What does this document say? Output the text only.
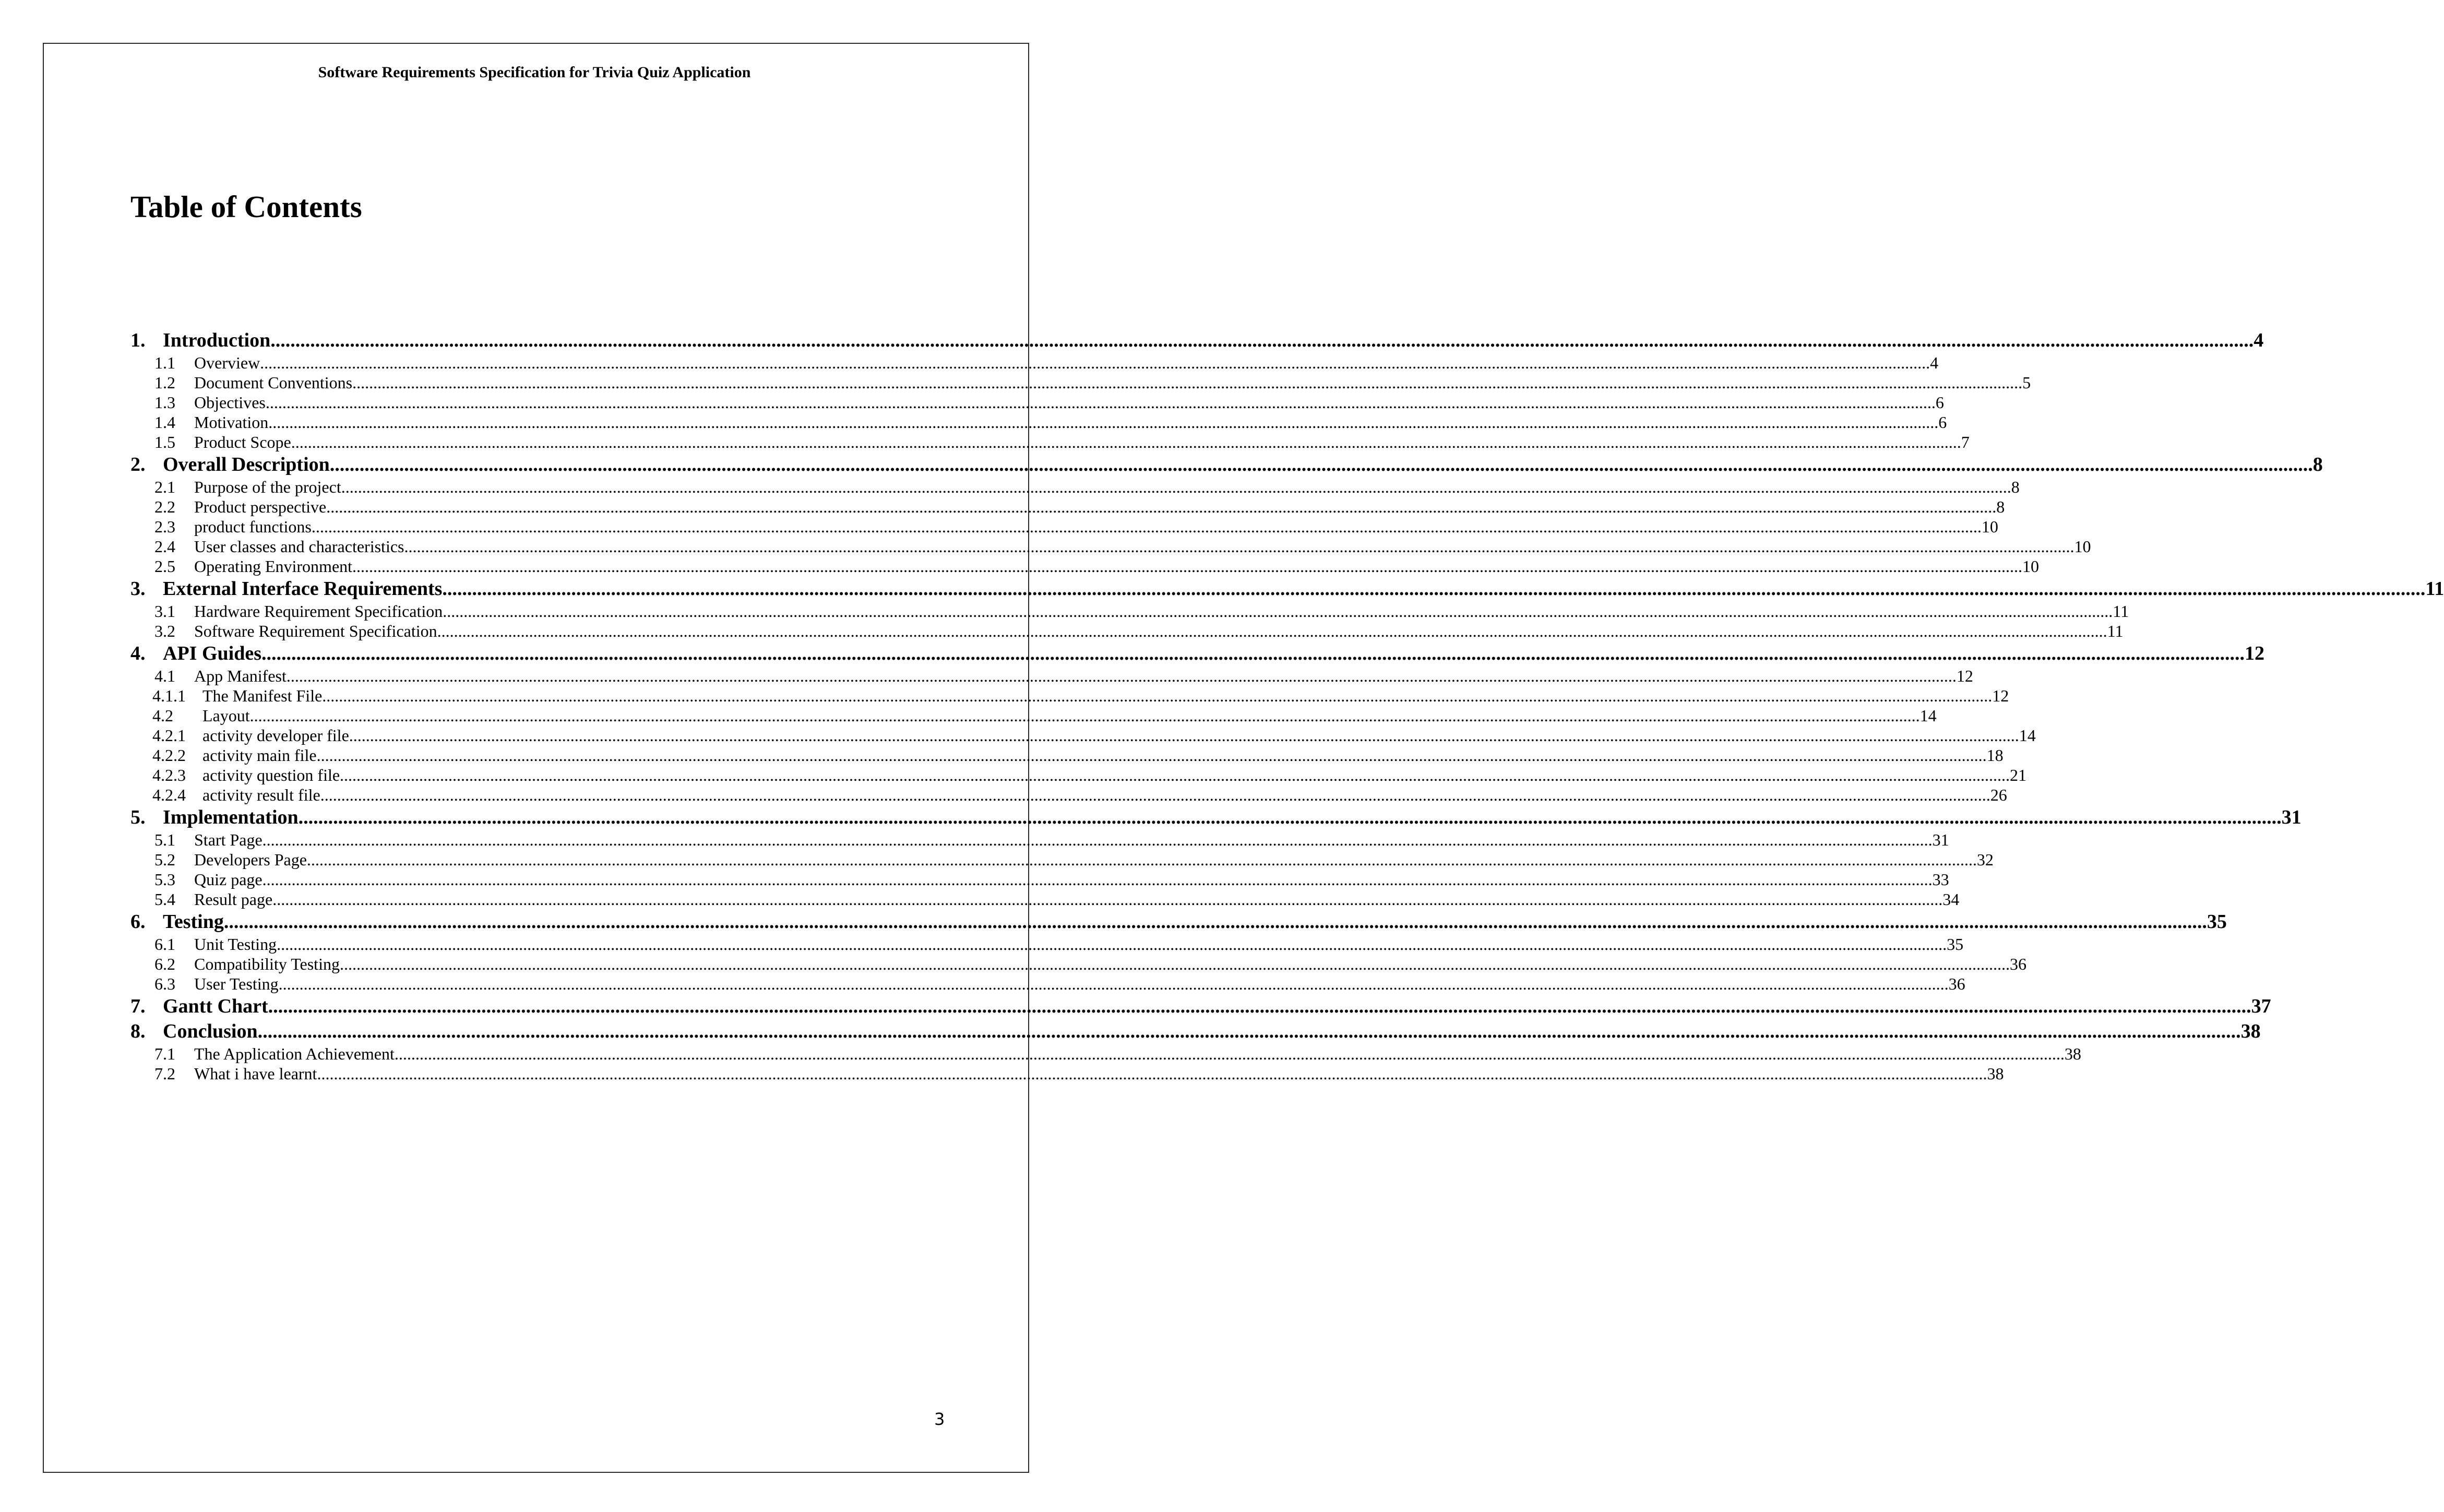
Software Requirements Specification for Trivia Quiz Application
Table of Contents
1. Introduction ................................................................................................................................................................................................................................................................................................................................................................................................................ 4
1.1	Overview ................................................................................................................................................................................................................................................................................................................................................................................................................ 4
1.2	Document Conventions ................................................................................................................................................................................................................................................................................................................................................................................................................ 5
1.3	Objectives ................................................................................................................................................................................................................................................................................................................................................................................................................ 6
1.4	Motivation ................................................................................................................................................................................................................................................................................................................................................................................................................ 6
1.5	Product Scope ................................................................................................................................................................................................................................................................................................................................................................................................................ 7
2. Overall Description ................................................................................................................................................................................................................................................................................................................................................................................................................ 8
2.1	Purpose of the project ................................................................................................................................................................................................................................................................................................................................................................................................................ 8
2.2	Product perspective ................................................................................................................................................................................................................................................................................................................................................................................................................ 8
2.3	product functions ................................................................................................................................................................................................................................................................................................................................................................................................................ 10
2.4	User classes and characteristics ................................................................................................................................................................................................................................................................................................................................................................................................................ 10
2.5	Operating Environment ................................................................................................................................................................................................................................................................................................................................................................................................................ 10
3. External Interface Requirements ................................................................................................................................................................................................................................................................................................................................................................................................................ 11
3.1	Hardware Requirement Specification ................................................................................................................................................................................................................................................................................................................................................................................................................ 11
3.2	Software Requirement Specification ................................................................................................................................................................................................................................................................................................................................................................................................................ 11
4. API Guides ................................................................................................................................................................................................................................................................................................................................................................................................................ 12
4.1	App Manifest ................................................................................................................................................................................................................................................................................................................................................................................................................ 12
4.1.1	The Manifest File ................................................................................................................................................................................................................................................................................................................................................................................................................ 12
4.2	Layout ................................................................................................................................................................................................................................................................................................................................................................................................................ 14
4.2.1	activity developer file ................................................................................................................................................................................................................................................................................................................................................................................................................ 14
4.2.2	activity main file ................................................................................................................................................................................................................................................................................................................................................................................................................ 18
4.2.3	activity question file ................................................................................................................................................................................................................................................................................................................................................................................................................ 21
4.2.4	activity result file ................................................................................................................................................................................................................................................................................................................................................................................................................ 26
5. Implementation ................................................................................................................................................................................................................................................................................................................................................................................................................ 31
5.1	Start Page ................................................................................................................................................................................................................................................................................................................................................................................................................ 31
5.2	Developers Page ................................................................................................................................................................................................................................................................................................................................................................................................................ 32
5.3	Quiz page ................................................................................................................................................................................................................................................................................................................................................................................................................ 33
5.4	Result page ................................................................................................................................................................................................................................................................................................................................................................................................................ 34
6. Testing ................................................................................................................................................................................................................................................................................................................................................................................................................ 35
6.1	Unit Testing ................................................................................................................................................................................................................................................................................................................................................................................................................ 35
6.2	Compatibility Testing ................................................................................................................................................................................................................................................................................................................................................................................................................ 36
6.3	User Testing ................................................................................................................................................................................................................................................................................................................................................................................................................ 36
7. Gantt Chart ................................................................................................................................................................................................................................................................................................................................................................................................................ 37
8. Conclusion ................................................................................................................................................................................................................................................................................................................................................................................................................ 38
7.1	The Application Achievement ................................................................................................................................................................................................................................................................................................................................................................................................................ 38
7.2	What i have learnt ................................................................................................................................................................................................................................................................................................................................................................................................................ 38
3
